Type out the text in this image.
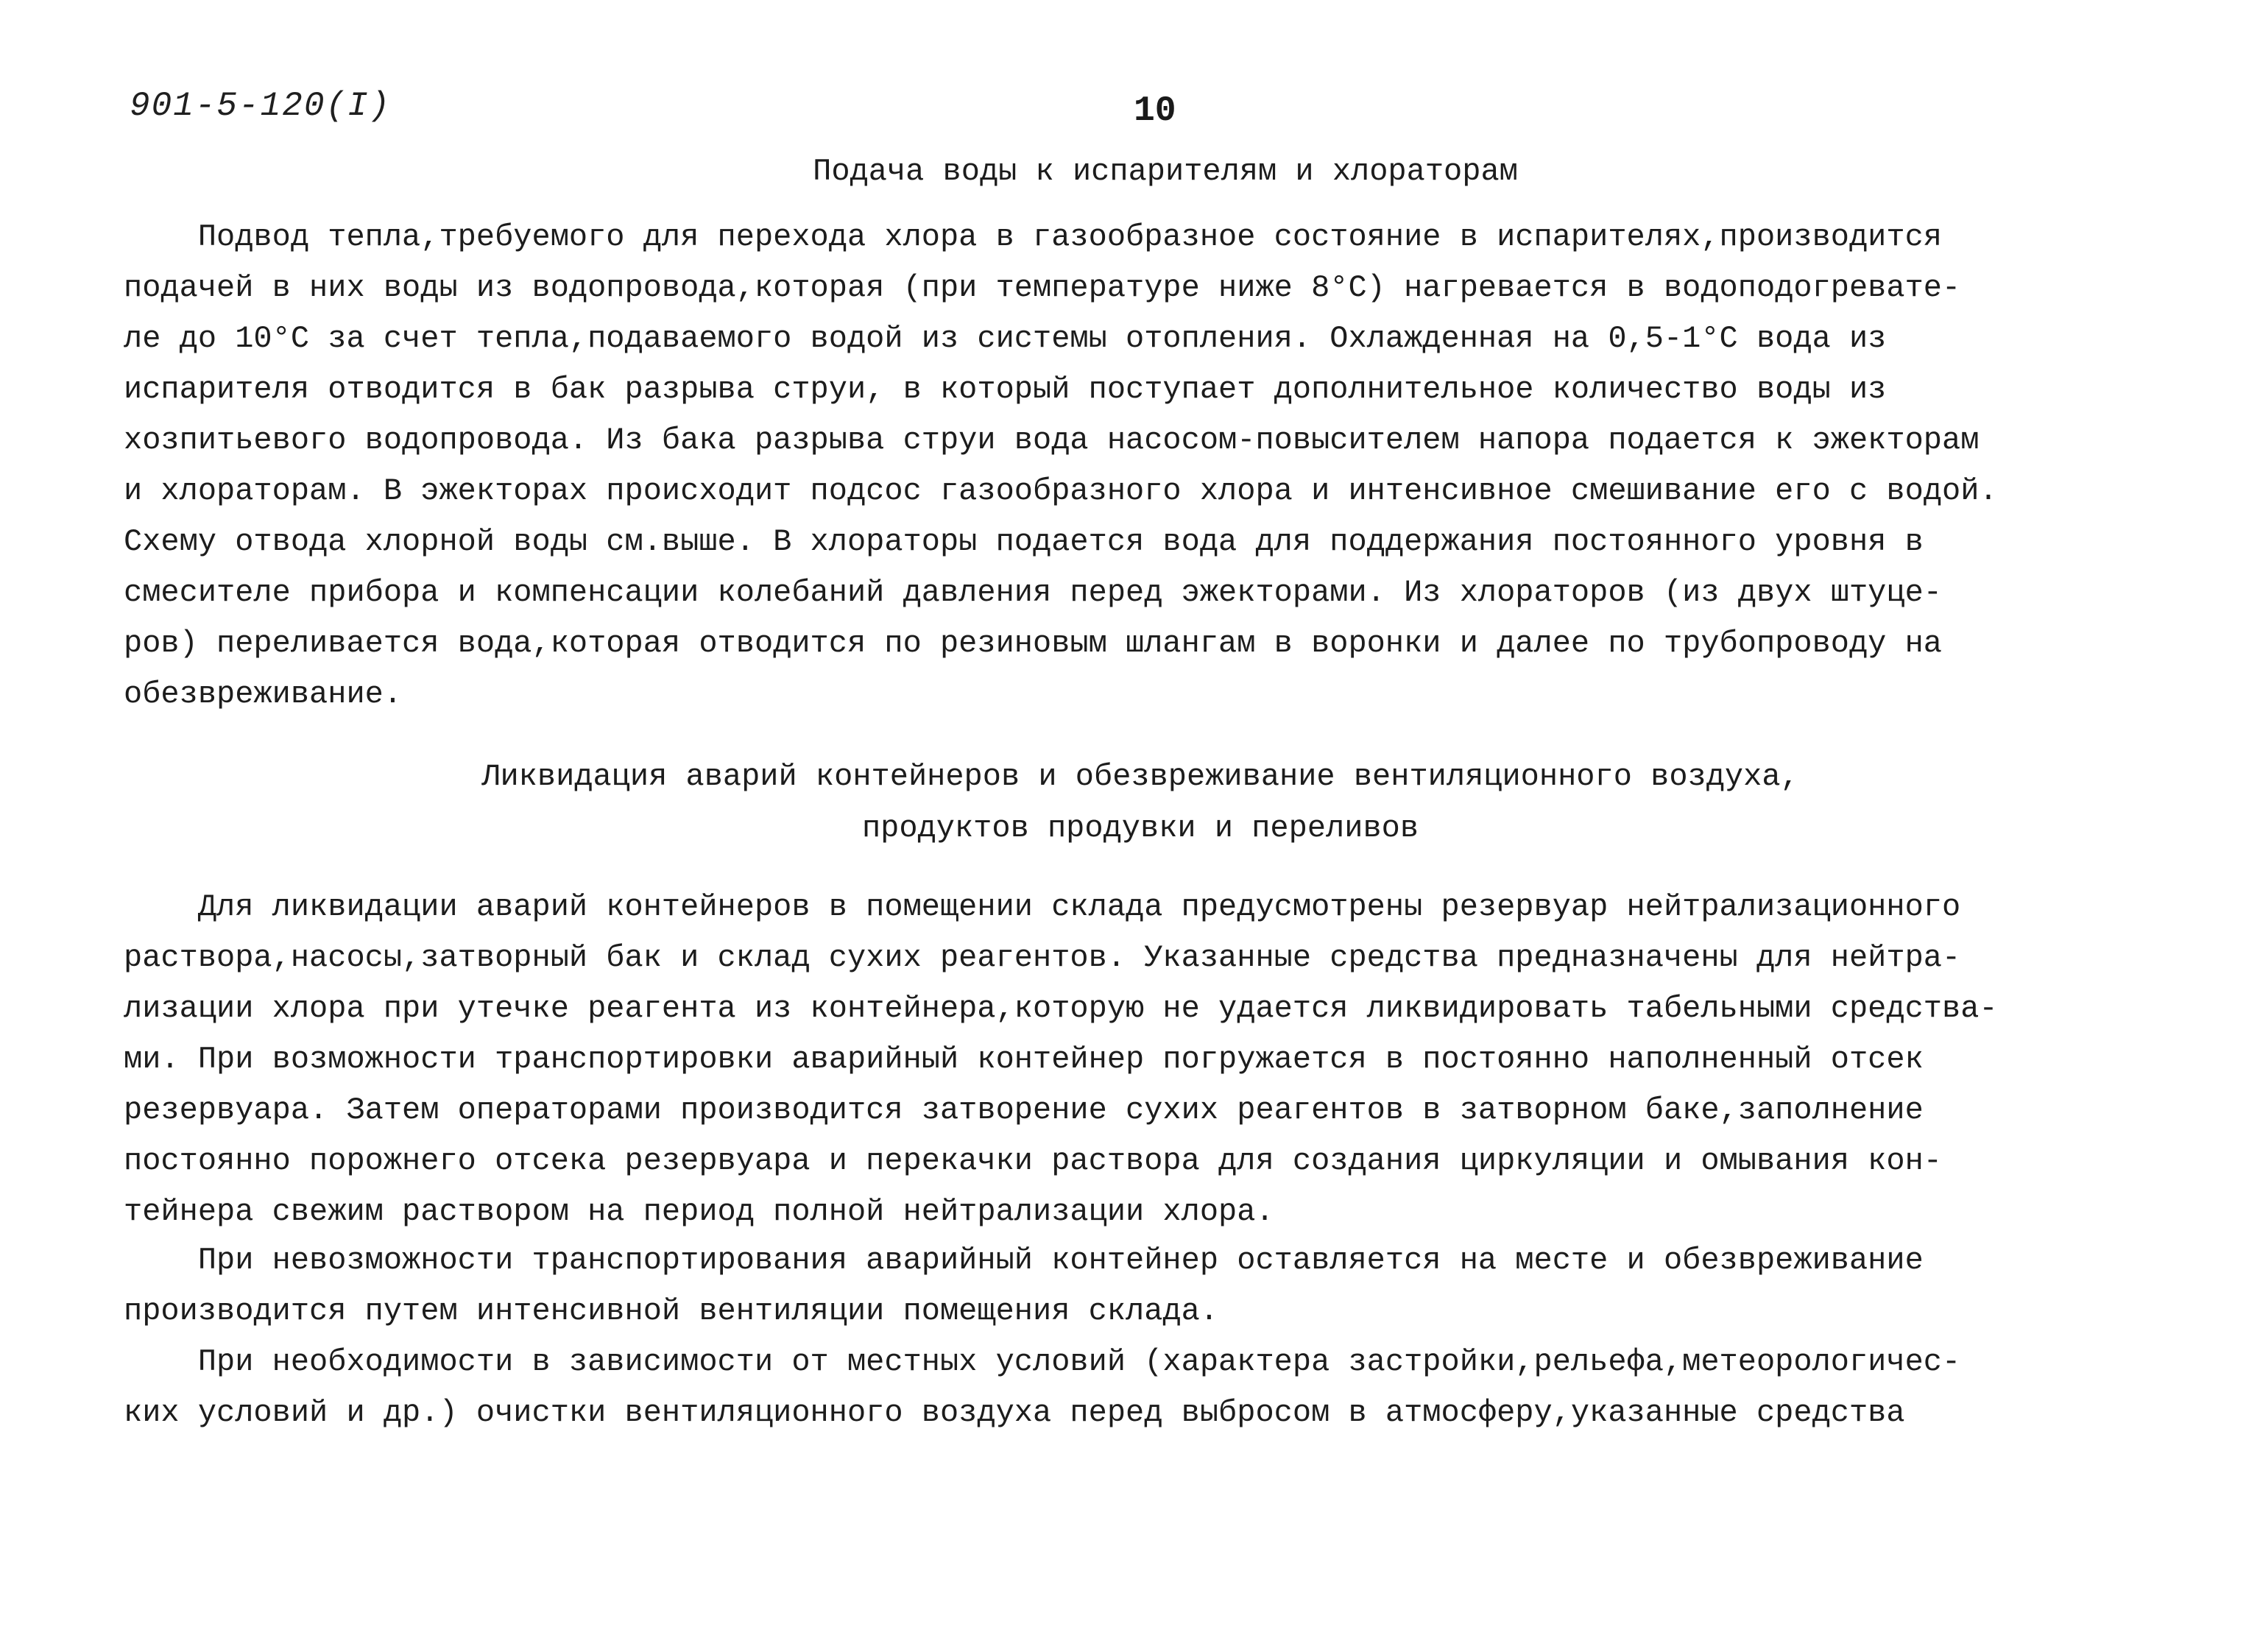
901-5-120(I)	10
Подача воды к испарителям и хлораторам
Подвод тепла,требуемого для перехода хлора в газообразное состояние в испарителях,производится
подачей в них воды из водопровода,которая (при температуре ниже 8°С) нагревается в водоподогревате-
ле до 10°С за счет тепла,подаваемого водой из системы отопления. Охлажденная на 0,5-1°С вода из
испарителя отводится в бак разрыва струи, в который поступает дополнительное количество воды из
хозпитьевого водопровода. Из бака разрыва струи вода насосом-повысителем напора подается к эжекторам
и хлораторам. В эжекторах происходит подсос газообразного хлора и интенсивное смешивание его с водой.
Схему отвода хлорной воды см.выше. В хлораторы подается вода для поддержания постоянного уровня в
смесителе прибора и компенсации колебаний давления перед эжекторами. Из хлораторов (из двух штуце-
ров) переливается вода,которая отводится по резиновым шлангам в воронки и далее по трубопроводу на
обезвреживание.
Ликвидация аварий контейнеров и обезвреживание вентиляционного воздуха,
продуктов продувки и переливов
Для ликвидации аварий контейнеров в помещении склада предусмотрены резервуар нейтрализационного
раствора,насосы,затворный бак и склад сухих реагентов. Указанные средства предназначены для нейтра-
лизации хлора при утечке реагента из контейнера,которую не удается ликвидировать табельными средства-
ми. При возможности транспортировки аварийный контейнер погружается в постоянно наполненный отсек
резервуара. Затем операторами производится затворение сухих реагентов в затворном баке,заполнение
постоянно порожнего отсека резервуара и перекачки раствора для создания циркуляции и омывания кон-
тейнера свежим раствором на период полной нейтрализации хлора.
При невозможности транспортирования аварийный контейнер оставляется на месте и обезвреживание
производится путем интенсивной вентиляции помещения склада.
При необходимости в зависимости от местных условий (характера застройки,рельефа,метеорологичес-
ких условий и др.) очистки вентиляционного воздуха перед выбросом в атмосферу,указанные средства
